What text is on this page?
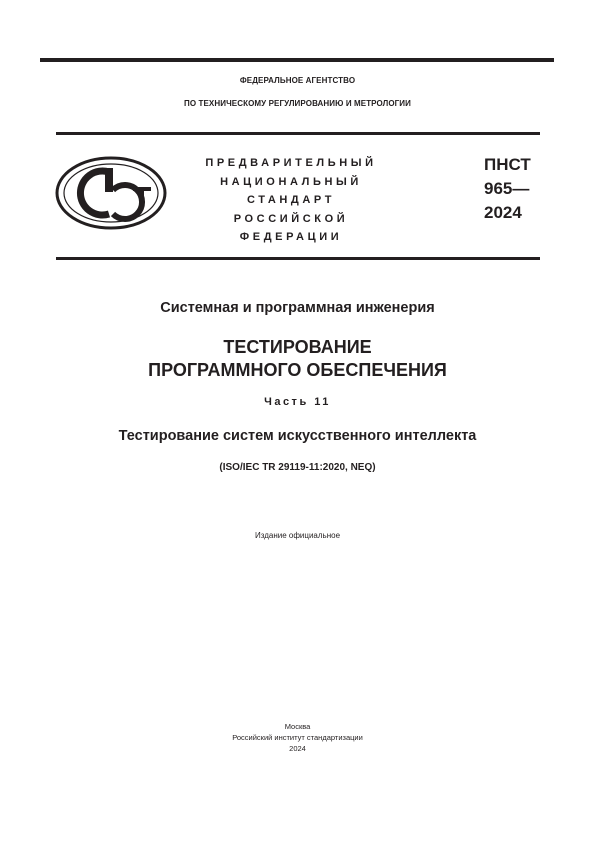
ФЕДЕРАЛЬНОЕ АГЕНТСТВО
ПО ТЕХНИЧЕСКОМУ РЕГУЛИРОВАНИЮ И МЕТРОЛОГИИ
ПРЕДВАРИТЕЛЬНЫЙ
НАЦИОНАЛЬНЫЙ
СТАНДАРТ
РОССИЙСКОЙ
ФЕДЕРАЦИИ
ПНСТ
965—
2024
Системная и программная инженерия
ТЕСТИРОВАНИЕ
ПРОГРАММНОГО ОБЕСПЕЧЕНИЯ
Часть 11
Тестирование систем искусственного интеллекта
(ISO/IEC TR 29119-11:2020, NEQ)
Издание официальное
Москва
Российский институт стандартизации
2024
